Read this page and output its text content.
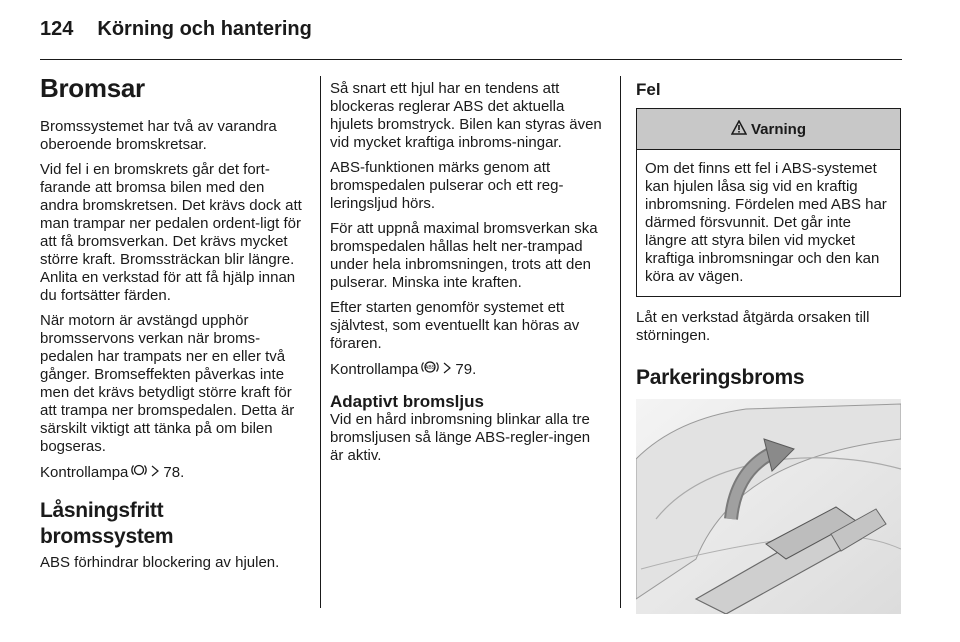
124 Körning och hantering
Bromsar

Bromssystemet har två av varandra oberoende bromskretsar.

Vid fel i en bromskrets går det fort-farande att bromsa bilen med den andra bromskretsen. Det krävs dock att man trampar ner pedalen ordent-ligt för att få bromsverkan. Det krävs mycket större kraft. Bromssträckan blir längre. Anlita en verkstad för att få hjälp innan du fortsätter färden.

När motorn är avstängd upphör bromsservons verkan när broms-pedalen har trampats ner en eller två gånger. Bromseffekten påverkas inte men det krävs betydligt större kraft för att trampa ner bromspedalen. Detta är särskilt viktigt att tänka på om bilen bogseras.

Kontrollampa 78.

Låsningsfritt bromssystem

ABS förhindrar blockering av hjulen.

Så snart ett hjul har en tendens att blockeras reglerar ABS det aktuella hjulets bromstryck. Bilen kan styras även vid mycket kraftiga inbroms-ningar.

ABS-funktionen märks genom att bromspedalen pulserar och ett reg-leringsljud hörs.

För att uppnå maximal bromsverkan ska bromspedalen hållas helt ner-trampad under hela inbromsningen, trots att den pulserar. Minska inte kraften.

Efter starten genomför systemet ett självtest, som eventuellt kan höras av föraren.

Kontrollampa ABS 79.

Adaptivt bromsljus

Vid en hård inbromsning blinkar alla tre bromsljusen så länge ABS-regler-ingen är aktiv.

Fel
Varning
Om det finns ett fel i ABS-systemet kan hjulen låsa sig vid en kraftig inbromsning. Fördelen med ABS har därmed försvunnit. Det går inte längre att styra bilen vid mycket kraftiga inbromsningar och den kan köra av vägen.

Låt en verkstad åtgärda orsaken till störningen.

Parkeringsbroms
